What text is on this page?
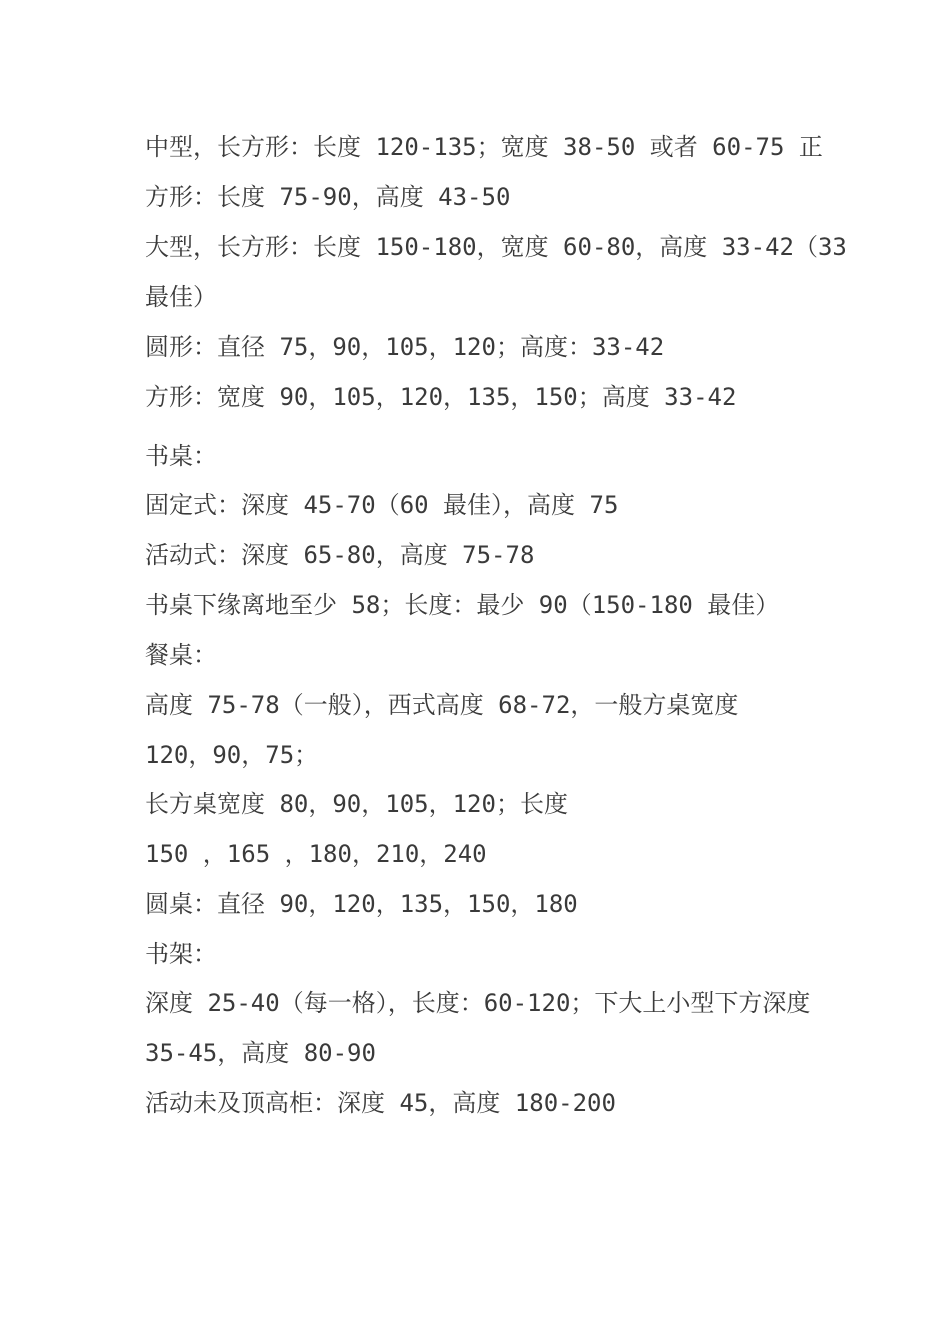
中型，长方形：长度 120-135；宽度 38-50 或者 60-75 正
方形：长度 75-90，高度 43-50
大型，长方形：长度 150-180，宽度 60-80，高度 33-42（33
最佳）
圆形：直径 75，90，105，120；高度：33-42
方形：宽度 90，105，120，135，150；高度 33-42
书桌：
固定式：深度 45-70（60 最佳），高度 75
活动式：深度 65-80，高度 75-78
书桌下缘离地至少 58；长度：最少 90（150-180 最佳）
餐桌：
高度 75-78（一般），西式高度 68-72，一般方桌宽度
120，90，75；
长方桌宽度 80，90，105，120；长度
150 ，165 ，180，210，240
圆桌：直径 90，120，135，150，180
书架：
深度 25-40（每一格），长度：60-120；下大上小型下方深度
35-45，高度 80-90
活动未及顶高柜：深度 45，高度 180-200
